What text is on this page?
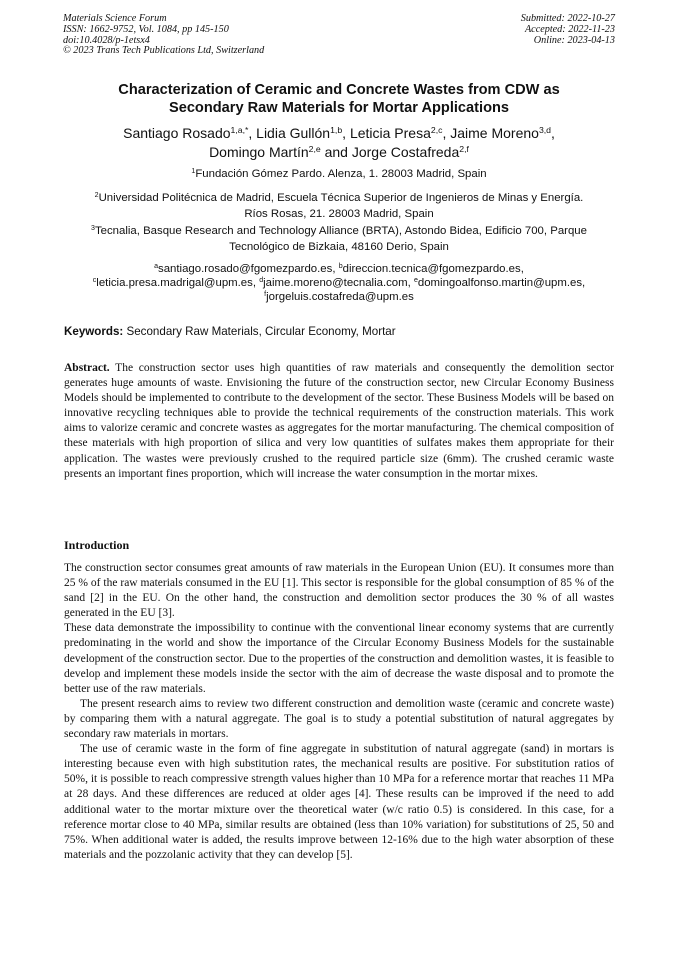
Materials Science Forum
ISSN: 1662-9752, Vol. 1084, pp 145-150
doi:10.4028/p-1etsx4
© 2023 Trans Tech Publications Ltd, Switzerland
Submitted: 2022-10-27
Accepted: 2022-11-23
Online: 2023-04-13
Characterization of Ceramic and Concrete Wastes from CDW as
Secondary Raw Materials for Mortar Applications
Santiago Rosado$^{1,a,*}$, Lidia Gullón$^{1,b}$, Leticia Presa$^{2,c}$, Jaime Moreno$^{3,d}$,
Domingo Martín$^{2,e}$ and Jorge Costafreda$^{2,f}$
$^1$Fundación Gómez Pardo. Alenza, 1. 28003 Madrid, Spain
$^2$Universidad Politécnica de Madrid, Escuela Técnica Superior de Ingenieros de Minas y Energía.
Ríos Rosas, 21. 28003 Madrid, Spain
$^3$Tecnalia, Basque Research and Technology Alliance (BRTA), Astondo Bidea, Edificio 700, Parque
Tecnológico de Bizkaia, 48160 Derio, Spain
$^a$santiago.rosado@fgomezpardo.es, $^b$direccion.tecnica@fgomezpardo.es,
$^c$leticia.presa.madrigal@upm.es, $^d$jaime.moreno@tecnalia.com, $^e$domingoalfonso.martin@upm.es,
$^f$jorgeluis.costafreda@upm.es
Keywords: Secondary Raw Materials, Circular Economy, Mortar
Abstract. The construction sector uses high quantities of raw materials and consequently the demolition sector generates huge amounts of waste. Envisioning the future of the construction sector, new Circular Economy Business Models should be implemented to contribute to the development of the sector. These Business Models will be based on innovative recycling techniques able to provide the technical requirements of the construction materials. This work aims to valorize ceramic and concrete wastes as aggregates for the mortar manufacturing. The chemical composition of these materials with high proportion of silica and very low quantities of sulfates makes them appropriate for their application. The wastes were previously crushed to the required particle size (6mm). The crushed ceramic waste presents an important fines proportion, which will increase the water consumption in the mortar mixes.
Introduction

The construction sector consumes great amounts of raw materials in the European Union (EU). It consumes more than 25 % of the raw materials consumed in the EU [1]. This sector is responsible for the global consumption of 85 % of the sand [2] in the EU. On the other hand, the construction and demolition sector produces the 30 % of all wastes generated in the EU [3].

These data demonstrate the impossibility to continue with the conventional linear economy systems that are currently predominating in the world and show the importance of the Circular Economy Business Models for the sustainable development of the construction sector. Due to the properties of the construction and demolition wastes, it is feasible to develop and implement these models inside the sector with the aim of decrease the waste disposal and to promote the better use of the raw materials.

The present research aims to review two different construction and demolition waste (ceramic and concrete waste) by comparing them with a natural aggregate. The goal is to study a potential substitution of natural aggregates by secondary raw materials in mortars.

The use of ceramic waste in the form of fine aggregate in substitution of natural aggregate (sand) in mortars is interesting because even with high substitution rates, the mechanical results are positive. For substitution ratios of 50%, it is possible to reach compressive strength values higher than 10 MPa for a reference mortar that reaches 11 MPa at 28 days. And these differences are reduced at older ages [4]. These results can be improved if the need to add additional water to the mortar mixture over the theoretical water (w/c ratio 0.5) is considered. In this case, for a reference mortar close to 40 MPa, similar results are obtained (less than 10% variation) for substitutions of 25, 50 and 75%. When additional water is added, the results improve between 12-16% due to the high water absorption of these materials and the pozzolanic activity that they can develop [5].
